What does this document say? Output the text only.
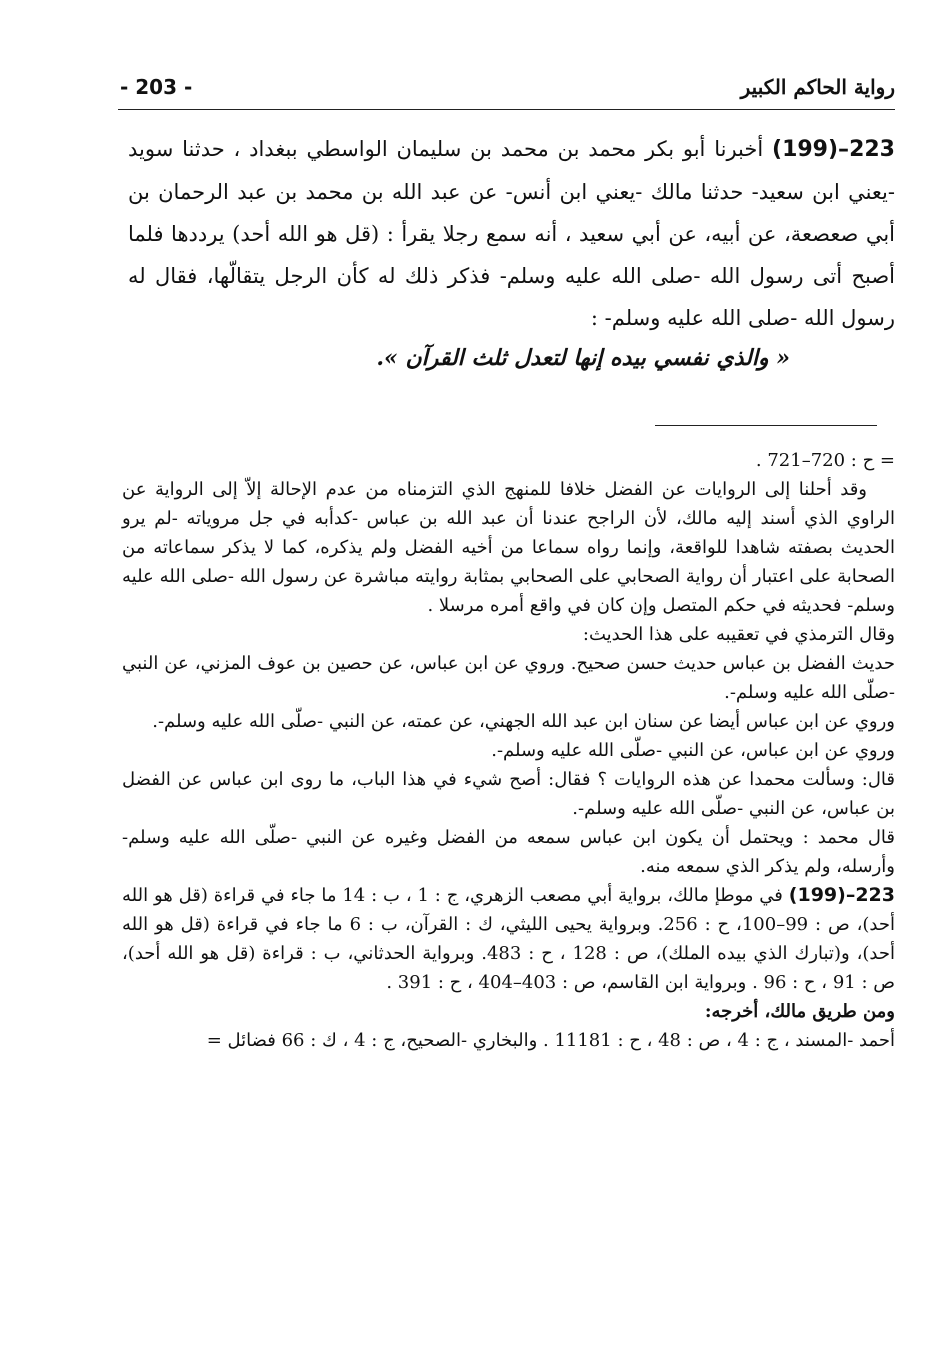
- 203 -	رواية الحاكم الكبير

223–(199) أخبرنا أبو بكر محمد بن محمد بن سليمان الواسطي ببغداد ، حدثنا سويد -يعني ابن سعيد- حدثنا مالك -يعني ابن أنس- عن عبد الله بن محمد بن عبد الرحمان بن أبي صعصعة، عن أبيه، عن أبي سعيد ، أنه سمع رجلا يقرأ : (قل هو الله أحد) يرددها فلما أصبح أتى رسول الله -صلى الله عليه وسلم- فذكر ذلك له كأن الرجل يتقالّها، فقال له رسول الله -صلى الله عليه وسلم- :

« والذي نفسي بيده إنها لتعدل ثلث القرآن ».

= ح : 720–721 .

وقد أحلنا إلى الروايات عن الفضل خلافا للمنهج الذي التزمناه من عدم الإحالة إلاّ إلى الرواية عن الراوي الذي أسند إليه مالك، لأن الراجح عندنا أن عبد الله بن عباس -كدأبه في جل مروياته -لم يرو الحديث بصفته شاهدا للواقعة، وإنما رواه سماعا من أخيه الفضل ولم يذكره، كما لا يذكر سماعاته من الصحابة على اعتبار أن رواية الصحابي على الصحابي بمثابة روايته مباشرة عن رسول الله -صلى الله عليه وسلم- فحديثه في حكم المتصل وإن كان في واقع أمره مرسلا .

وقال الترمذي في تعقيبه على هذا الحديث:

حديث الفضل بن عباس حديث حسن صحيح. وروي عن ابن عباس، عن حصين بن عوف المزني، عن النبي -صلّى الله عليه وسلم-.

وروي عن ابن عباس أيضا عن سنان ابن عبد الله الجهني، عن عمته، عن النبي -صلّى الله عليه وسلم-.

وروي عن ابن عباس، عن النبي -صلّى الله عليه وسلم-.

قال: وسألت محمدا عن هذه الروايات ؟ فقال: أصح شيء في هذا الباب، ما روى ابن عباس عن الفضل بن عباس، عن النبي -صلّى الله عليه وسلم-.

قال محمد : ويحتمل أن يكون ابن عباس سمعه من الفضل وغيره عن النبي -صلّى الله عليه وسلم- وأرسله، ولم يذكر الذي سمعه منه.

223–(199) في موطإ مالك، برواية أبي مصعب الزهري، ج : 1 ، ب : 14 ما جاء في قراءة (قل هو الله أحد)، ص : 99–100، ح : 256. وبرواية يحيى الليثي، ك : القرآن، ب : 6 ما جاء في قراءة (قل هو الله أحد)، و(تبارك الذي بيده الملك)، ص : 128 ، ح : 483. وبرواية الحدثاني، ب : قراءة (قل هو الله أحد)، ص : 91 ، ح : 96 . وبرواية ابن القاسم، ص : 403–404 ، ح : 391 .

ومن طريق مالك، أخرجه:

أحمد -المسند ، ج : 4 ، ص : 48 ، ح : 11181 . والبخاري -الصحيح، ج : 4 ، ك : 66 فضائل =
